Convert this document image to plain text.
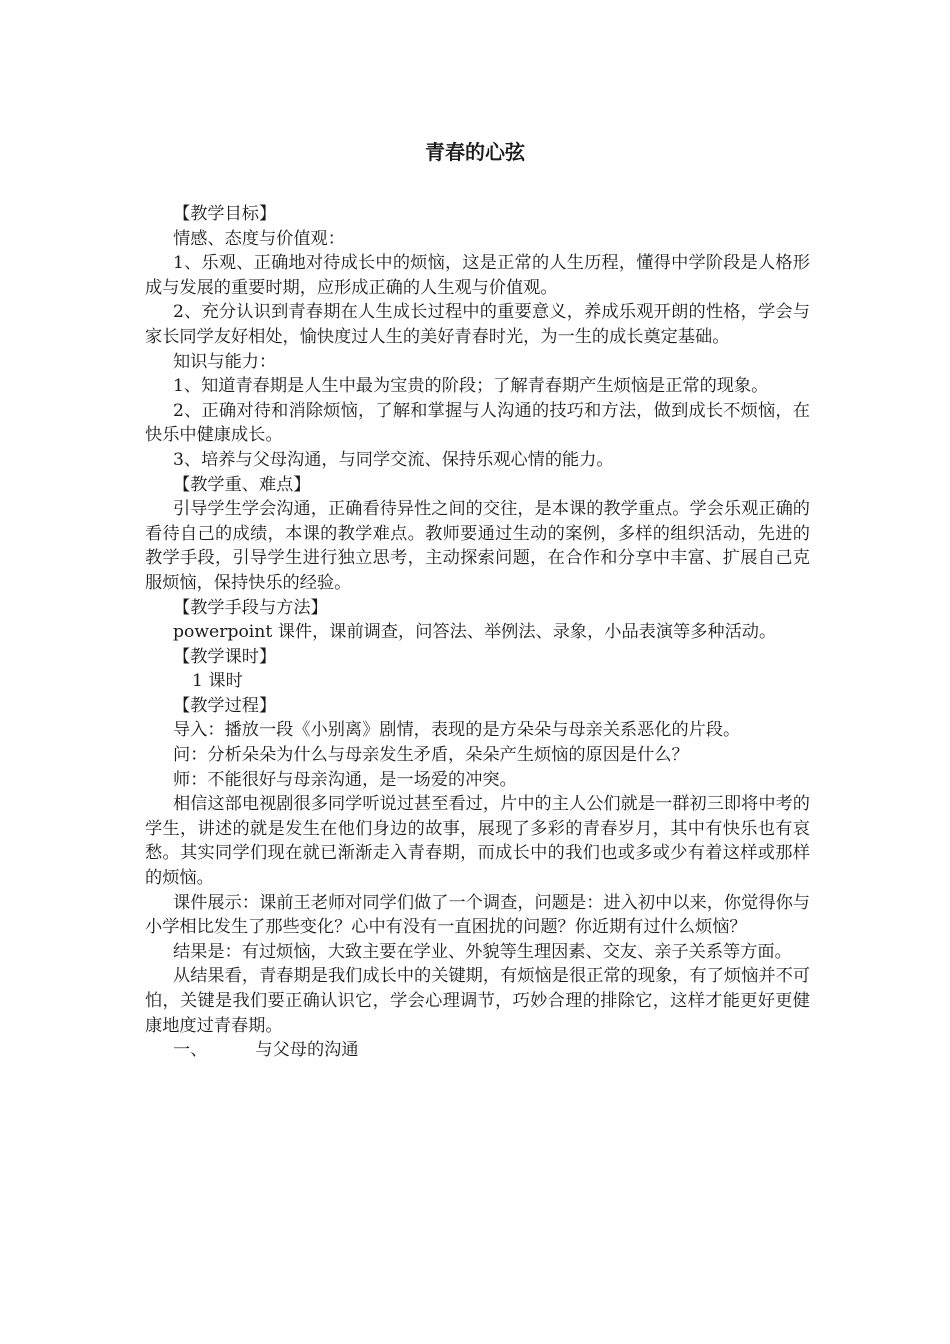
青春的心弦

【教学目标】

情感、态度与价值观：

1、乐观、正确地对待成长中的烦恼，这是正常的人生历程，懂得中学阶段是人格形成与发展的重要时期，应形成正确的人生观与价值观。

2、充分认识到青春期在人生成长过程中的重要意义，养成乐观开朗的性格，学会与家长同学友好相处，愉快度过人生的美好青春时光，为一生的成长奠定基础。

知识与能力：

1、知道青春期是人生中最为宝贵的阶段；了解青春期产生烦恼是正常的现象。

2、正确对待和消除烦恼，了解和掌握与人沟通的技巧和方法，做到成长不烦恼，在快乐中健康成长。

3、培养与父母沟通，与同学交流、保持乐观心情的能力。

【教学重、难点】

引导学生学会沟通，正确看待异性之间的交往，是本课的教学重点。学会乐观正确的看待自己的成绩，本课的教学难点。教师要通过生动的案例，多样的组织活动，先进的教学手段，引导学生进行独立思考，主动探索问题，在合作和分享中丰富、扩展自己克服烦恼，保持快乐的经验。

【教学手段与方法】

powerpoint 课件，课前调查，问答法、举例法、录象，小品表演等多种活动。

【教学课时】

1 课时

【教学过程】

导入：播放一段《小别离》剧情，表现的是方朵朵与母亲关系恶化的片段。

问：分析朵朵为什么与母亲发生矛盾，朵朵产生烦恼的原因是什么？

师：不能很好与母亲沟通，是一场爱的冲突。

相信这部电视剧很多同学听说过甚至看过，片中的主人公们就是一群初三即将中考的学生，讲述的就是发生在他们身边的故事，展现了多彩的青春岁月，其中有快乐也有哀愁。其实同学们现在就已渐渐走入青春期，而成长中的我们也或多或少有着这样或那样的烦恼。

课件展示：课前王老师对同学们做了一个调查，问题是：进入初中以来，你觉得你与小学相比发生了那些变化？心中有没有一直困扰的问题？你近期有过什么烦恼？

结果是：有过烦恼，大致主要在学业、外貌等生理因素、交友、亲子关系等方面。

从结果看，青春期是我们成长中的关键期，有烦恼是很正常的现象，有了烦恼并不可怕，关键是我们要正确认识它，学会心理调节，巧妙合理的排除它，这样才能更好更健康地度过青春期。

一、	与父母的沟通
